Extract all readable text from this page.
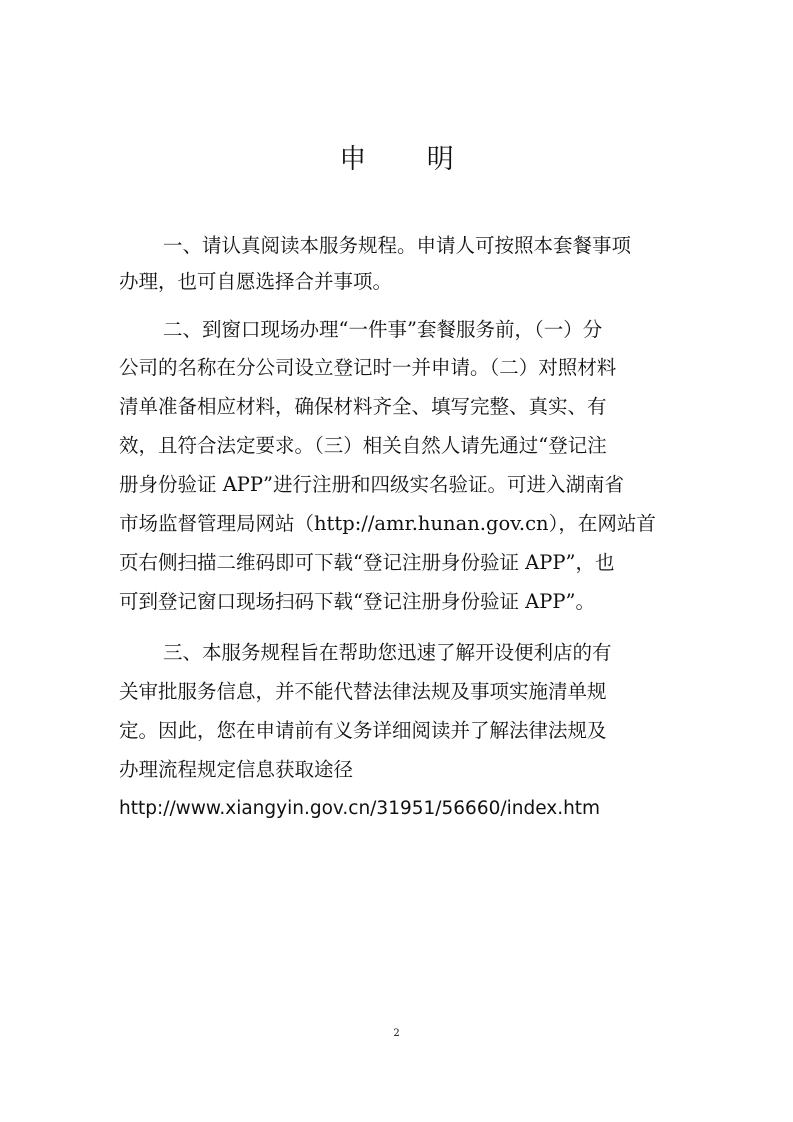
申 明
一、请认真阅读本服务规程。申请人可按照本套餐事项
办理，也可自愿选择合并事项。
二、到窗口现场办理“一件事”套餐服务前，（一）分
公司的名称在分公司设立登记时一并申请。（二）对照材料
清单准备相应材料，确保材料齐全、填写完整、真实、有
效，且符合法定要求。（三）相关自然人请先通过“登记注
册身份验证 APP”进行注册和四级实名验证。可进入湖南省
市场监督管理局网站（http://amr.hunan.gov.cn），在网站首
页右侧扫描二维码即可下载“登记注册身份验证 APP”，也
可到登记窗口现场扫码下载“登记注册身份验证 APP”。
三、本服务规程旨在帮助您迅速了解开设便利店的有
关审批服务信息，并不能代替法律法规及事项实施清单规
定。因此，您在申请前有义务详细阅读并了解法律法规及
办理流程规定信息获取途径
http://www.xiangyin.gov.cn/31951/56660/index.htm
2
